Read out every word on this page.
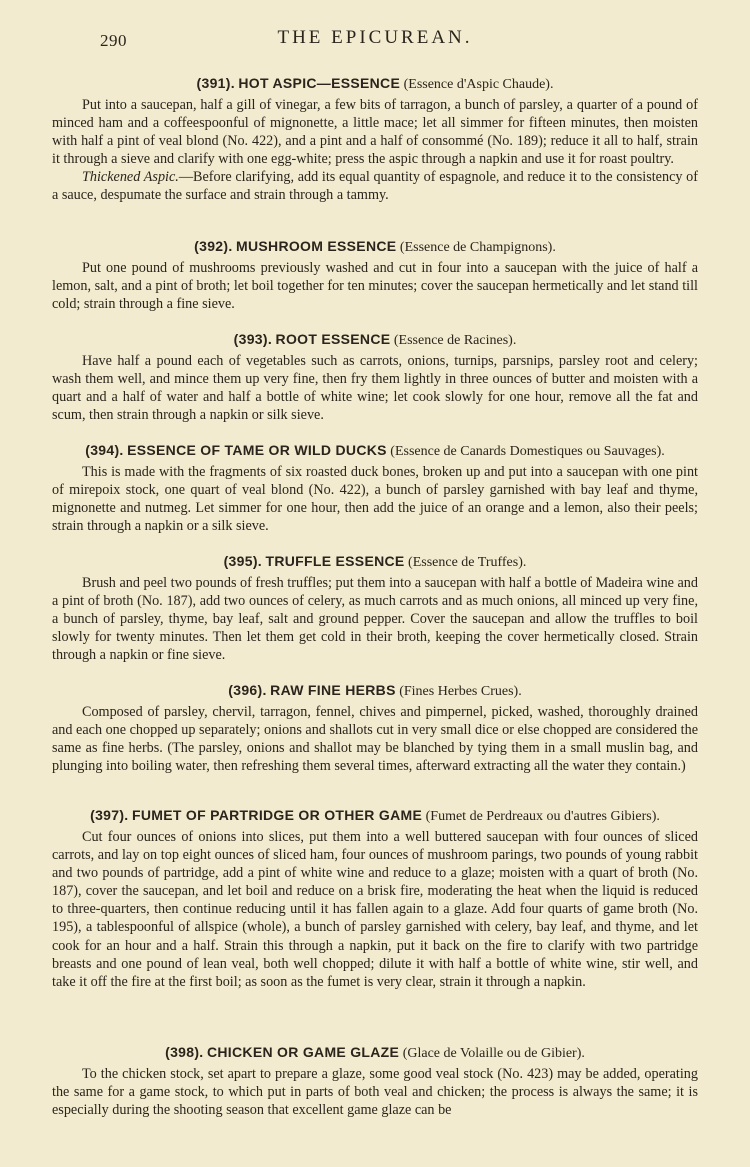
290	THE EPICUREAN.
(391). HOT ASPIC—ESSENCE (Essence d'Aspic Chaude).

Put into a saucepan, half a gill of vinegar, a few bits of tarragon, a bunch of parsley, a quarter of a pound of minced ham and a coffeespoonful of mignonette, a little mace; let all simmer for fifteen minutes, then moisten with half a pint of veal blond (No. 422), and a pint and a half of consommé (No. 189); reduce it all to half, strain it through a sieve and clarify with one egg-white; press the aspic through a napkin and use it for roast poultry.

Thickened Aspic.—Before clarifying, add its equal quantity of espagnole, and reduce it to the consistency of a sauce, despumate the surface and strain through a tammy.

(392). MUSHROOM ESSENCE (Essence de Champignons).

Put one pound of mushrooms previously washed and cut in four into a saucepan with the juice of half a lemon, salt, and a pint of broth; let boil together for ten minutes; cover the saucepan hermetically and let stand till cold; strain through a fine sieve.

(393). ROOT ESSENCE (Essence de Racines).

Have half a pound each of vegetables such as carrots, onions, turnips, parsnips, parsley root and celery; wash them well, and mince them up very fine, then fry them lightly in three ounces of butter and moisten with a quart and a half of water and half a bottle of white wine; let cook slowly for one hour, remove all the fat and scum, then strain through a napkin or silk sieve.

(394). ESSENCE OF TAME OR WILD DUCKS (Essence de Canards Domestiques ou Sauvages).

This is made with the fragments of six roasted duck bones, broken up and put into a saucepan with one pint of mirepoix stock, one quart of veal blond (No. 422), a bunch of parsley garnished with bay leaf and thyme, mignonette and nutmeg. Let simmer for one hour, then add the juice of an orange and a lemon, also their peels; strain through a napkin or a silk sieve.

(395). TRUFFLE ESSENCE (Essence de Truffes).

Brush and peel two pounds of fresh truffles; put them into a saucepan with half a bottle of Madeira wine and a pint of broth (No. 187), add two ounces of celery, as much carrots and as much onions, all minced up very fine, a bunch of parsley, thyme, bay leaf, salt and ground pepper. Cover the saucepan and allow the truffles to boil slowly for twenty minutes. Then let them get cold in their broth, keeping the cover hermetically closed. Strain through a napkin or fine sieve.

(396). RAW FINE HERBS (Fines Herbes Crues).

Composed of parsley, chervil, tarragon, fennel, chives and pimpernel, picked, washed, thoroughly drained and each one chopped up separately; onions and shallots cut in very small dice or else chopped are considered the same as fine herbs. (The parsley, onions and shallot may be blanched by tying them in a small muslin bag, and plunging into boiling water, then refreshing them several times, afterward extracting all the water they contain.)

(397). FUMET OF PARTRIDGE OR OTHER GAME (Fumet de Perdreaux ou d'autres Gibiers).

Cut four ounces of onions into slices, put them into a well buttered saucepan with four ounces of sliced carrots, and lay on top eight ounces of sliced ham, four ounces of mushroom parings, two pounds of young rabbit and two pounds of partridge, add a pint of white wine and reduce to a glaze; moisten with a quart of broth (No. 187), cover the saucepan, and let boil and reduce on a brisk fire, moderating the heat when the liquid is reduced to three-quarters, then continue reducing until it has fallen again to a glaze. Add four quarts of game broth (No. 195), a tablespoonful of allspice (whole), a bunch of parsley garnished with celery, bay leaf, and thyme, and let cook for an hour and a half. Strain this through a napkin, put it back on the fire to clarify with two partridge breasts and one pound of lean veal, both well chopped; dilute it with half a bottle of white wine, stir well, and take it off the fire at the first boil; as soon as the fumet is very clear, strain it through a napkin.

(398). CHICKEN OR GAME GLAZE (Glace de Volaille ou de Gibier).

To the chicken stock, set apart to prepare a glaze, some good veal stock (No. 423) may be added, operating the same for a game stock, to which put in parts of both veal and chicken; the process is always the same; it is especially during the shooting season that excellent game glaze can be
